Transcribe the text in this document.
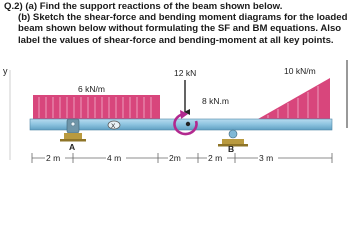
Q.2) (a) Find the support reactions of the beam shown below.
(b) Sketch the shear-force and bending moment diagrams for the loaded
beam shown below without formulating the SF and BM equations. Also
label the values of shear-force and bending-moment at all key points.
y
6 kN/m
10 kN/m
A
X
12 kN
8 kN.m
B
2 m	4 m	2m	2 m	3 m
